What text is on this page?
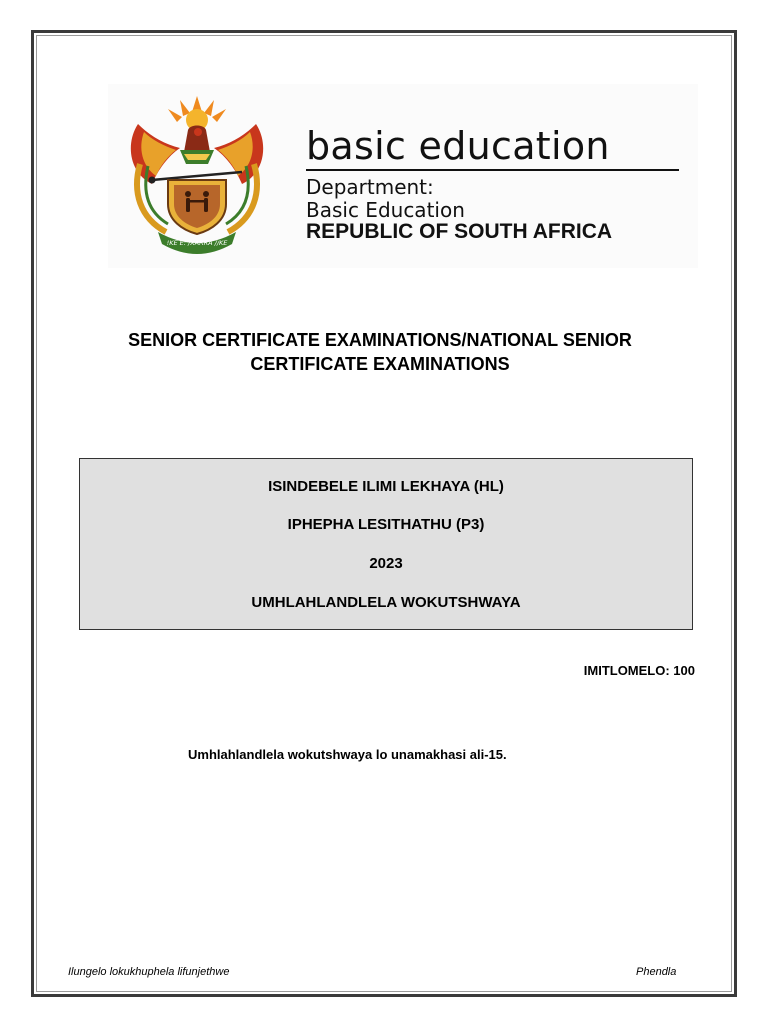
!KE E: /XARRA //KE
basic education
Department:
Basic Education
REPUBLIC OF SOUTH AFRICA
SENIOR CERTIFICATE EXAMINATIONS/NATIONAL SENIOR
CERTIFICATE EXAMINATIONS
ISINDEBELE ILIMI LEKHAYA (HL)
IPHEPHA LESITHATHU (P3)
2023
UMHLAHLANDLELA WOKUTSHWAYA
IMITLOMELO: 100
Umhlahlandlela wokutshwaya lo unamakhasi ali-15.
Ilungelo lokukhuphela lifunjethwe	Phendla
